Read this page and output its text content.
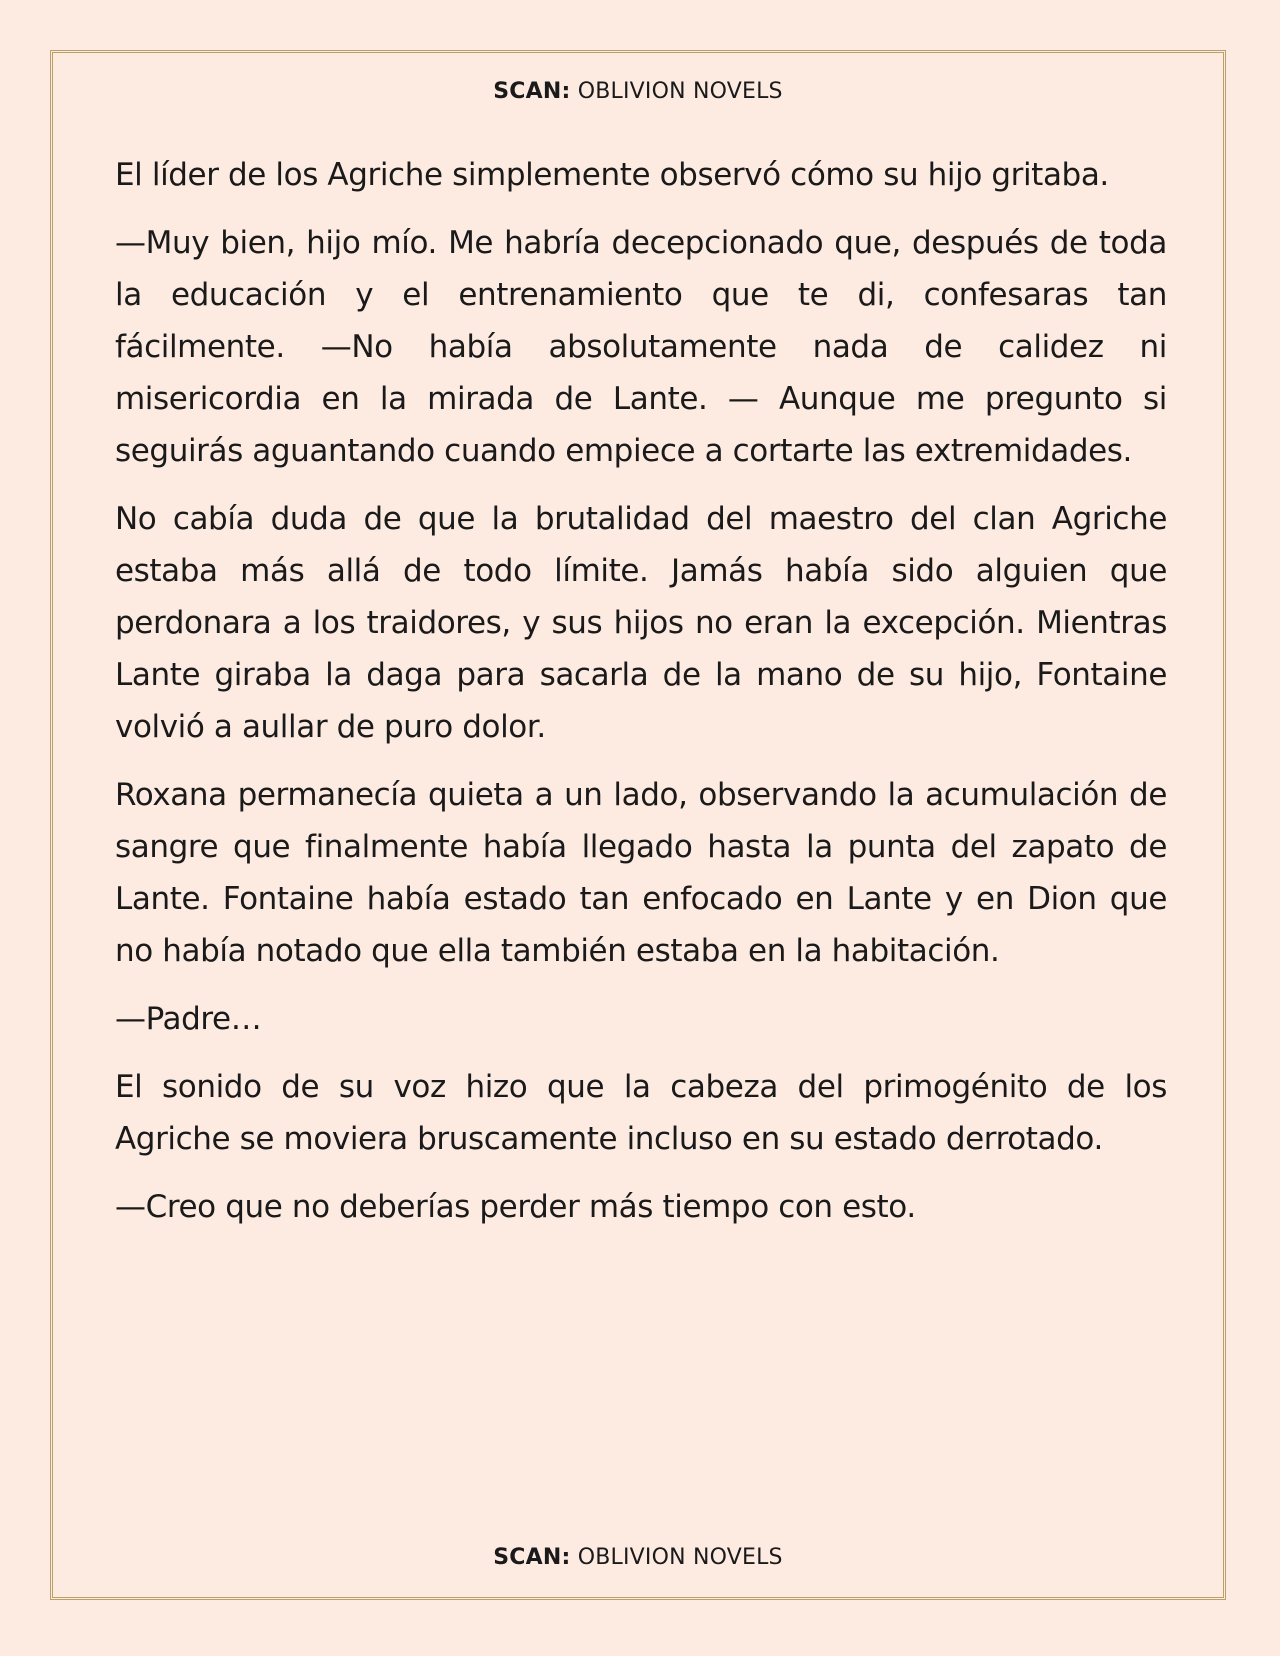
SCAN: OBLIVION NOVELS

El líder de los Agriche simplemente observó cómo su hijo gritaba.

—Muy bien, hijo mío. Me habría decepcionado que, después de toda la educación y el entrenamiento que te di, confesaras tan fácilmente. —No había absolutamente nada de calidez ni misericordia en la mirada de Lante. — Aunque me pregunto si seguirás aguantando cuando empiece a cortarte las extremidades.

No cabía duda de que la brutalidad del maestro del clan Agriche estaba más allá de todo límite. Jamás había sido alguien que perdonara a los traidores, y sus hijos no eran la excepción. Mientras Lante giraba la daga para sacarla de la mano de su hijo, Fontaine volvió a aullar de puro dolor.

Roxana permanecía quieta a un lado, observando la acumulación de sangre que finalmente había llegado hasta la punta del zapato de Lante. Fontaine había estado tan enfocado en Lante y en Dion que no había notado que ella también estaba en la habitación.

—Padre…

El sonido de su voz hizo que la cabeza del primogénito de los Agriche se moviera bruscamente incluso en su estado derrotado.

—Creo que no deberías perder más tiempo con esto.

SCAN: OBLIVION NOVELS
